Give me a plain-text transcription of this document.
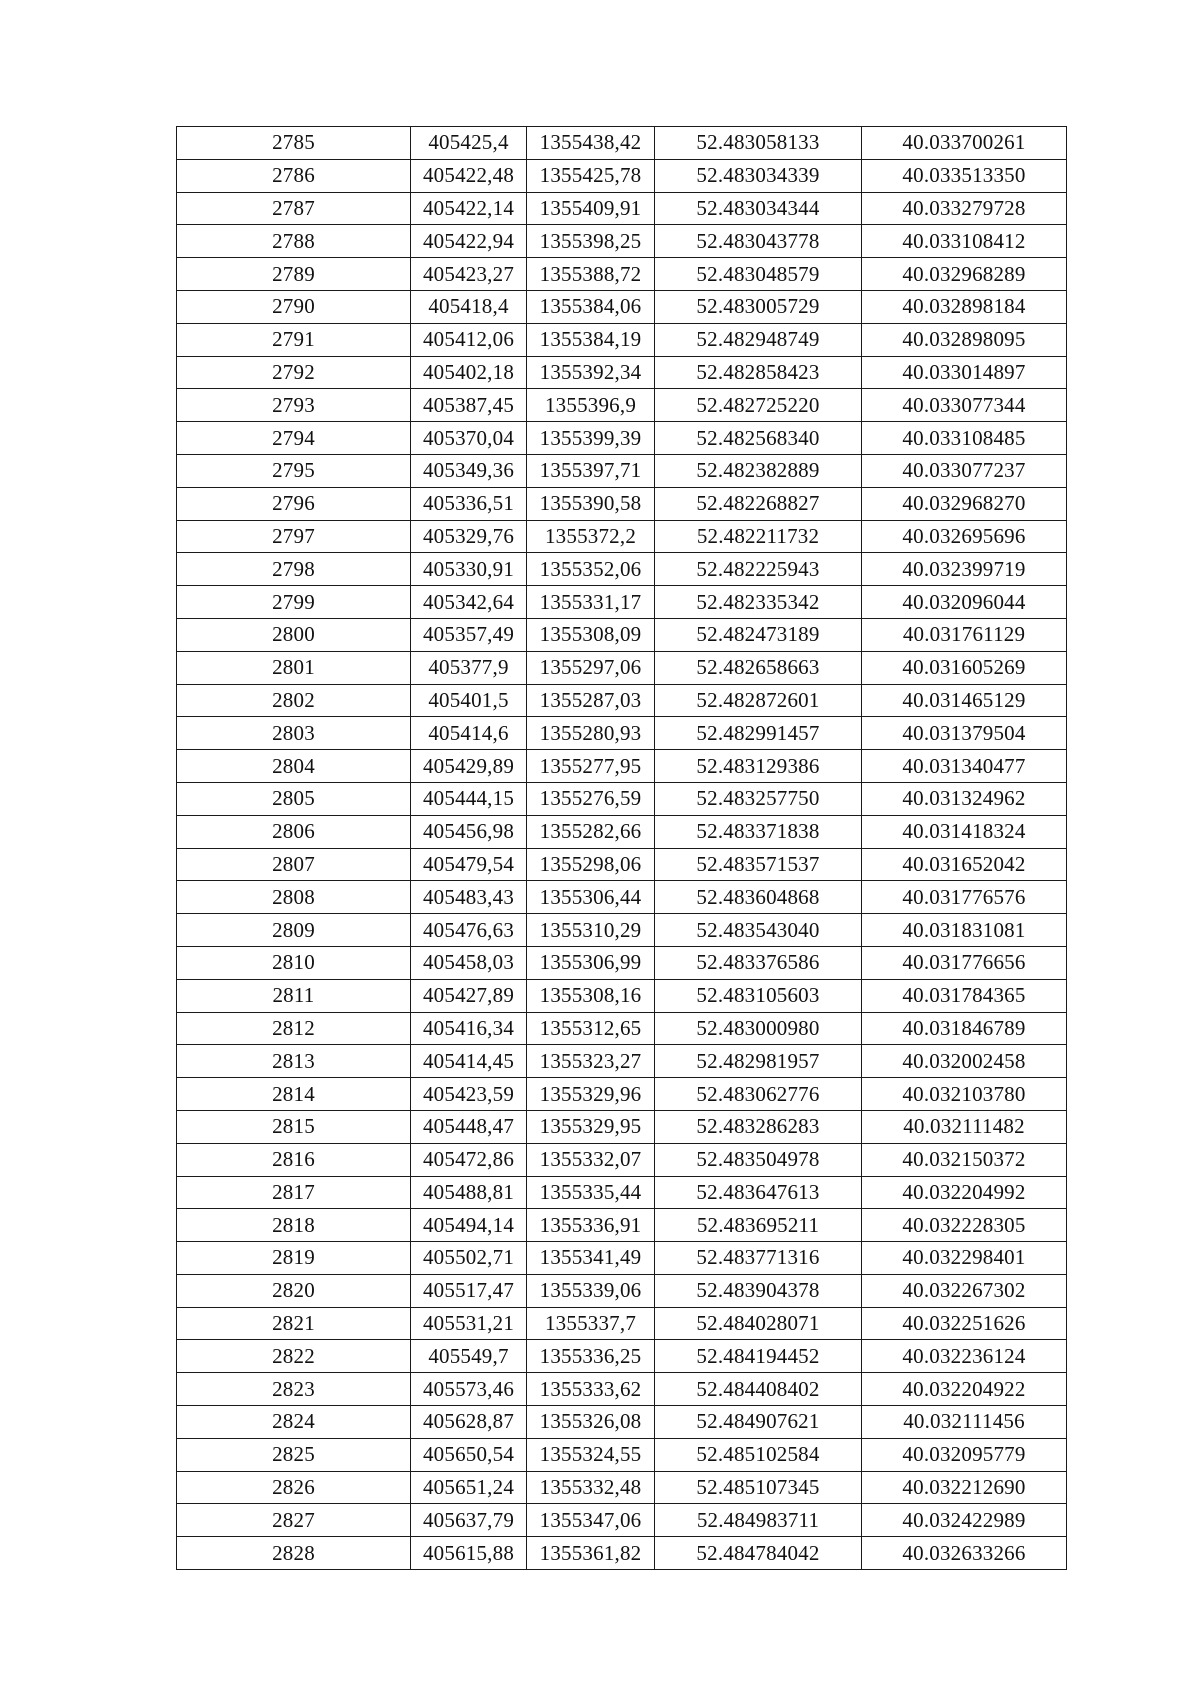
2785	405425,4	1355438,42	52.483058133	40.033700261
2786	405422,48	1355425,78	52.483034339	40.033513350
2787	405422,14	1355409,91	52.483034344	40.033279728
2788	405422,94	1355398,25	52.483043778	40.033108412
2789	405423,27	1355388,72	52.483048579	40.032968289
2790	405418,4	1355384,06	52.483005729	40.032898184
2791	405412,06	1355384,19	52.482948749	40.032898095
2792	405402,18	1355392,34	52.482858423	40.033014897
2793	405387,45	1355396,9	52.482725220	40.033077344
2794	405370,04	1355399,39	52.482568340	40.033108485
2795	405349,36	1355397,71	52.482382889	40.033077237
2796	405336,51	1355390,58	52.482268827	40.032968270
2797	405329,76	1355372,2	52.482211732	40.032695696
2798	405330,91	1355352,06	52.482225943	40.032399719
2799	405342,64	1355331,17	52.482335342	40.032096044
2800	405357,49	1355308,09	52.482473189	40.031761129
2801	405377,9	1355297,06	52.482658663	40.031605269
2802	405401,5	1355287,03	52.482872601	40.031465129
2803	405414,6	1355280,93	52.482991457	40.031379504
2804	405429,89	1355277,95	52.483129386	40.031340477
2805	405444,15	1355276,59	52.483257750	40.031324962
2806	405456,98	1355282,66	52.483371838	40.031418324
2807	405479,54	1355298,06	52.483571537	40.031652042
2808	405483,43	1355306,44	52.483604868	40.031776576
2809	405476,63	1355310,29	52.483543040	40.031831081
2810	405458,03	1355306,99	52.483376586	40.031776656
2811	405427,89	1355308,16	52.483105603	40.031784365
2812	405416,34	1355312,65	52.483000980	40.031846789
2813	405414,45	1355323,27	52.482981957	40.032002458
2814	405423,59	1355329,96	52.483062776	40.032103780
2815	405448,47	1355329,95	52.483286283	40.032111482
2816	405472,86	1355332,07	52.483504978	40.032150372
2817	405488,81	1355335,44	52.483647613	40.032204992
2818	405494,14	1355336,91	52.483695211	40.032228305
2819	405502,71	1355341,49	52.483771316	40.032298401
2820	405517,47	1355339,06	52.483904378	40.032267302
2821	405531,21	1355337,7	52.484028071	40.032251626
2822	405549,7	1355336,25	52.484194452	40.032236124
2823	405573,46	1355333,62	52.484408402	40.032204922
2824	405628,87	1355326,08	52.484907621	40.032111456
2825	405650,54	1355324,55	52.485102584	40.032095779
2826	405651,24	1355332,48	52.485107345	40.032212690
2827	405637,79	1355347,06	52.484983711	40.032422989
2828	405615,88	1355361,82	52.484784042	40.032633266
